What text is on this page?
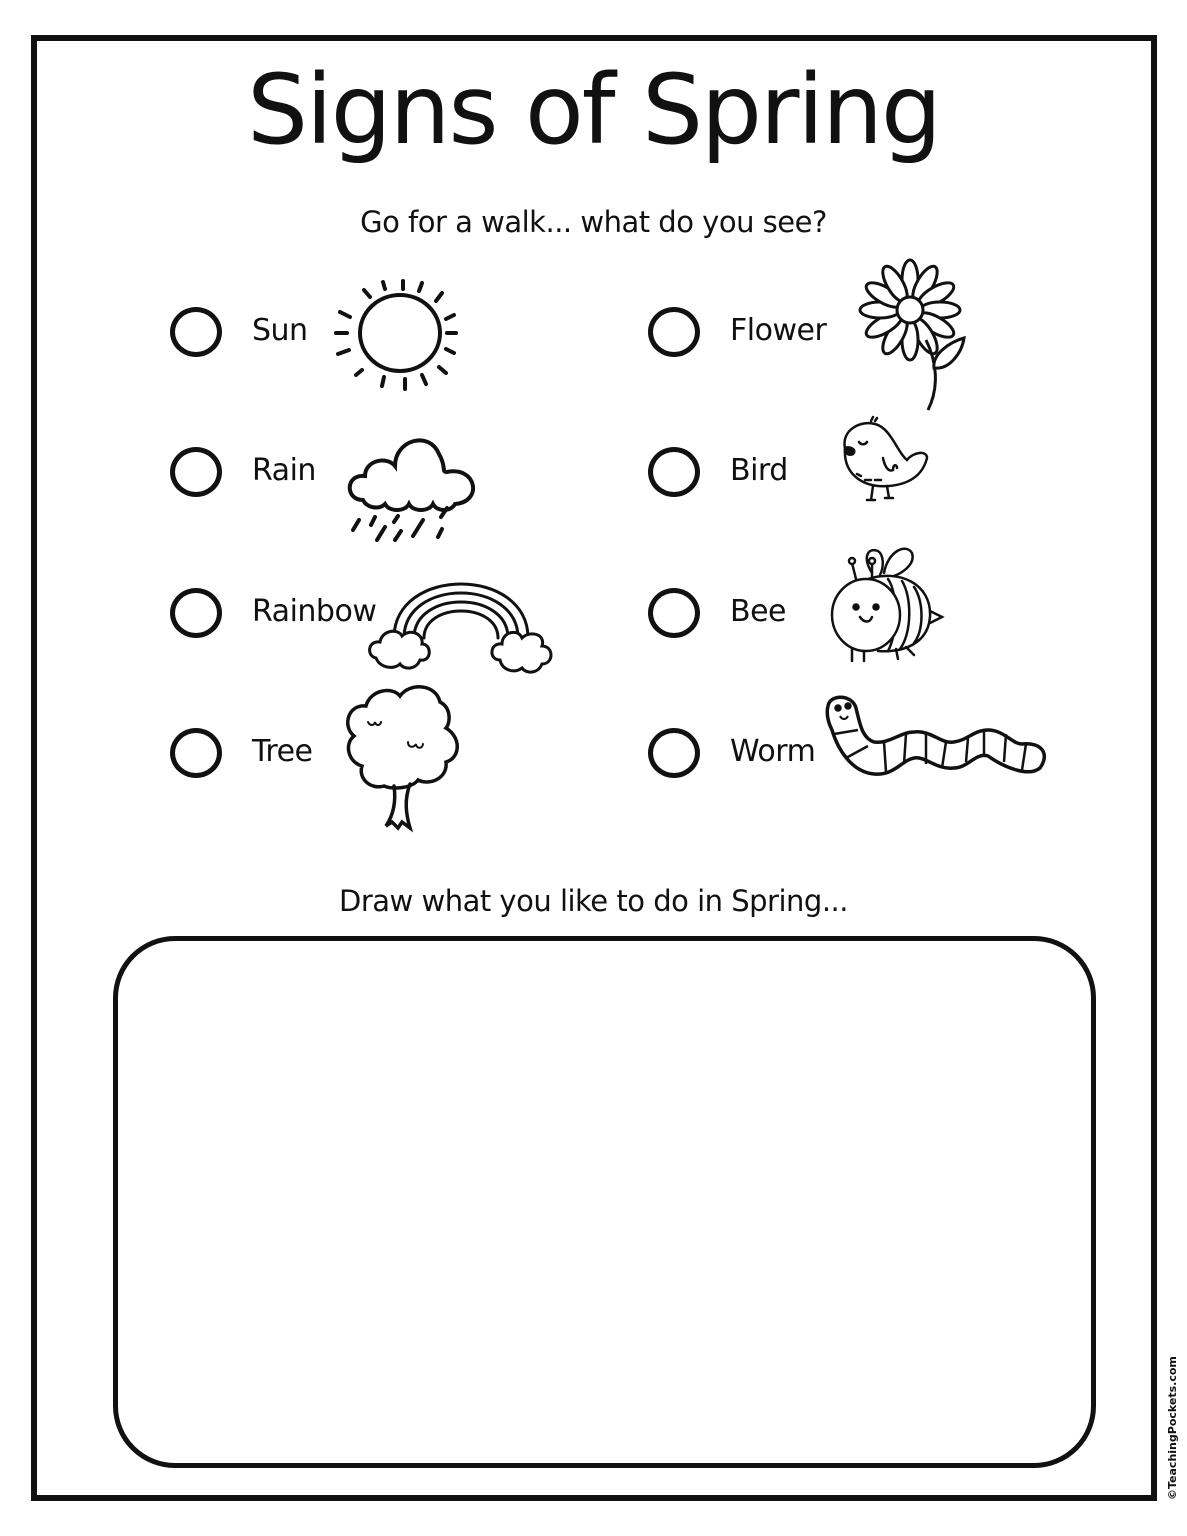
Signs of Spring
Go for a walk... what do you see?
Sun
Rain
Rainbow
Tree
Flower
Bird
Bee
Worm
Draw what you like to do in Spring...
©TeachingPockets.com
